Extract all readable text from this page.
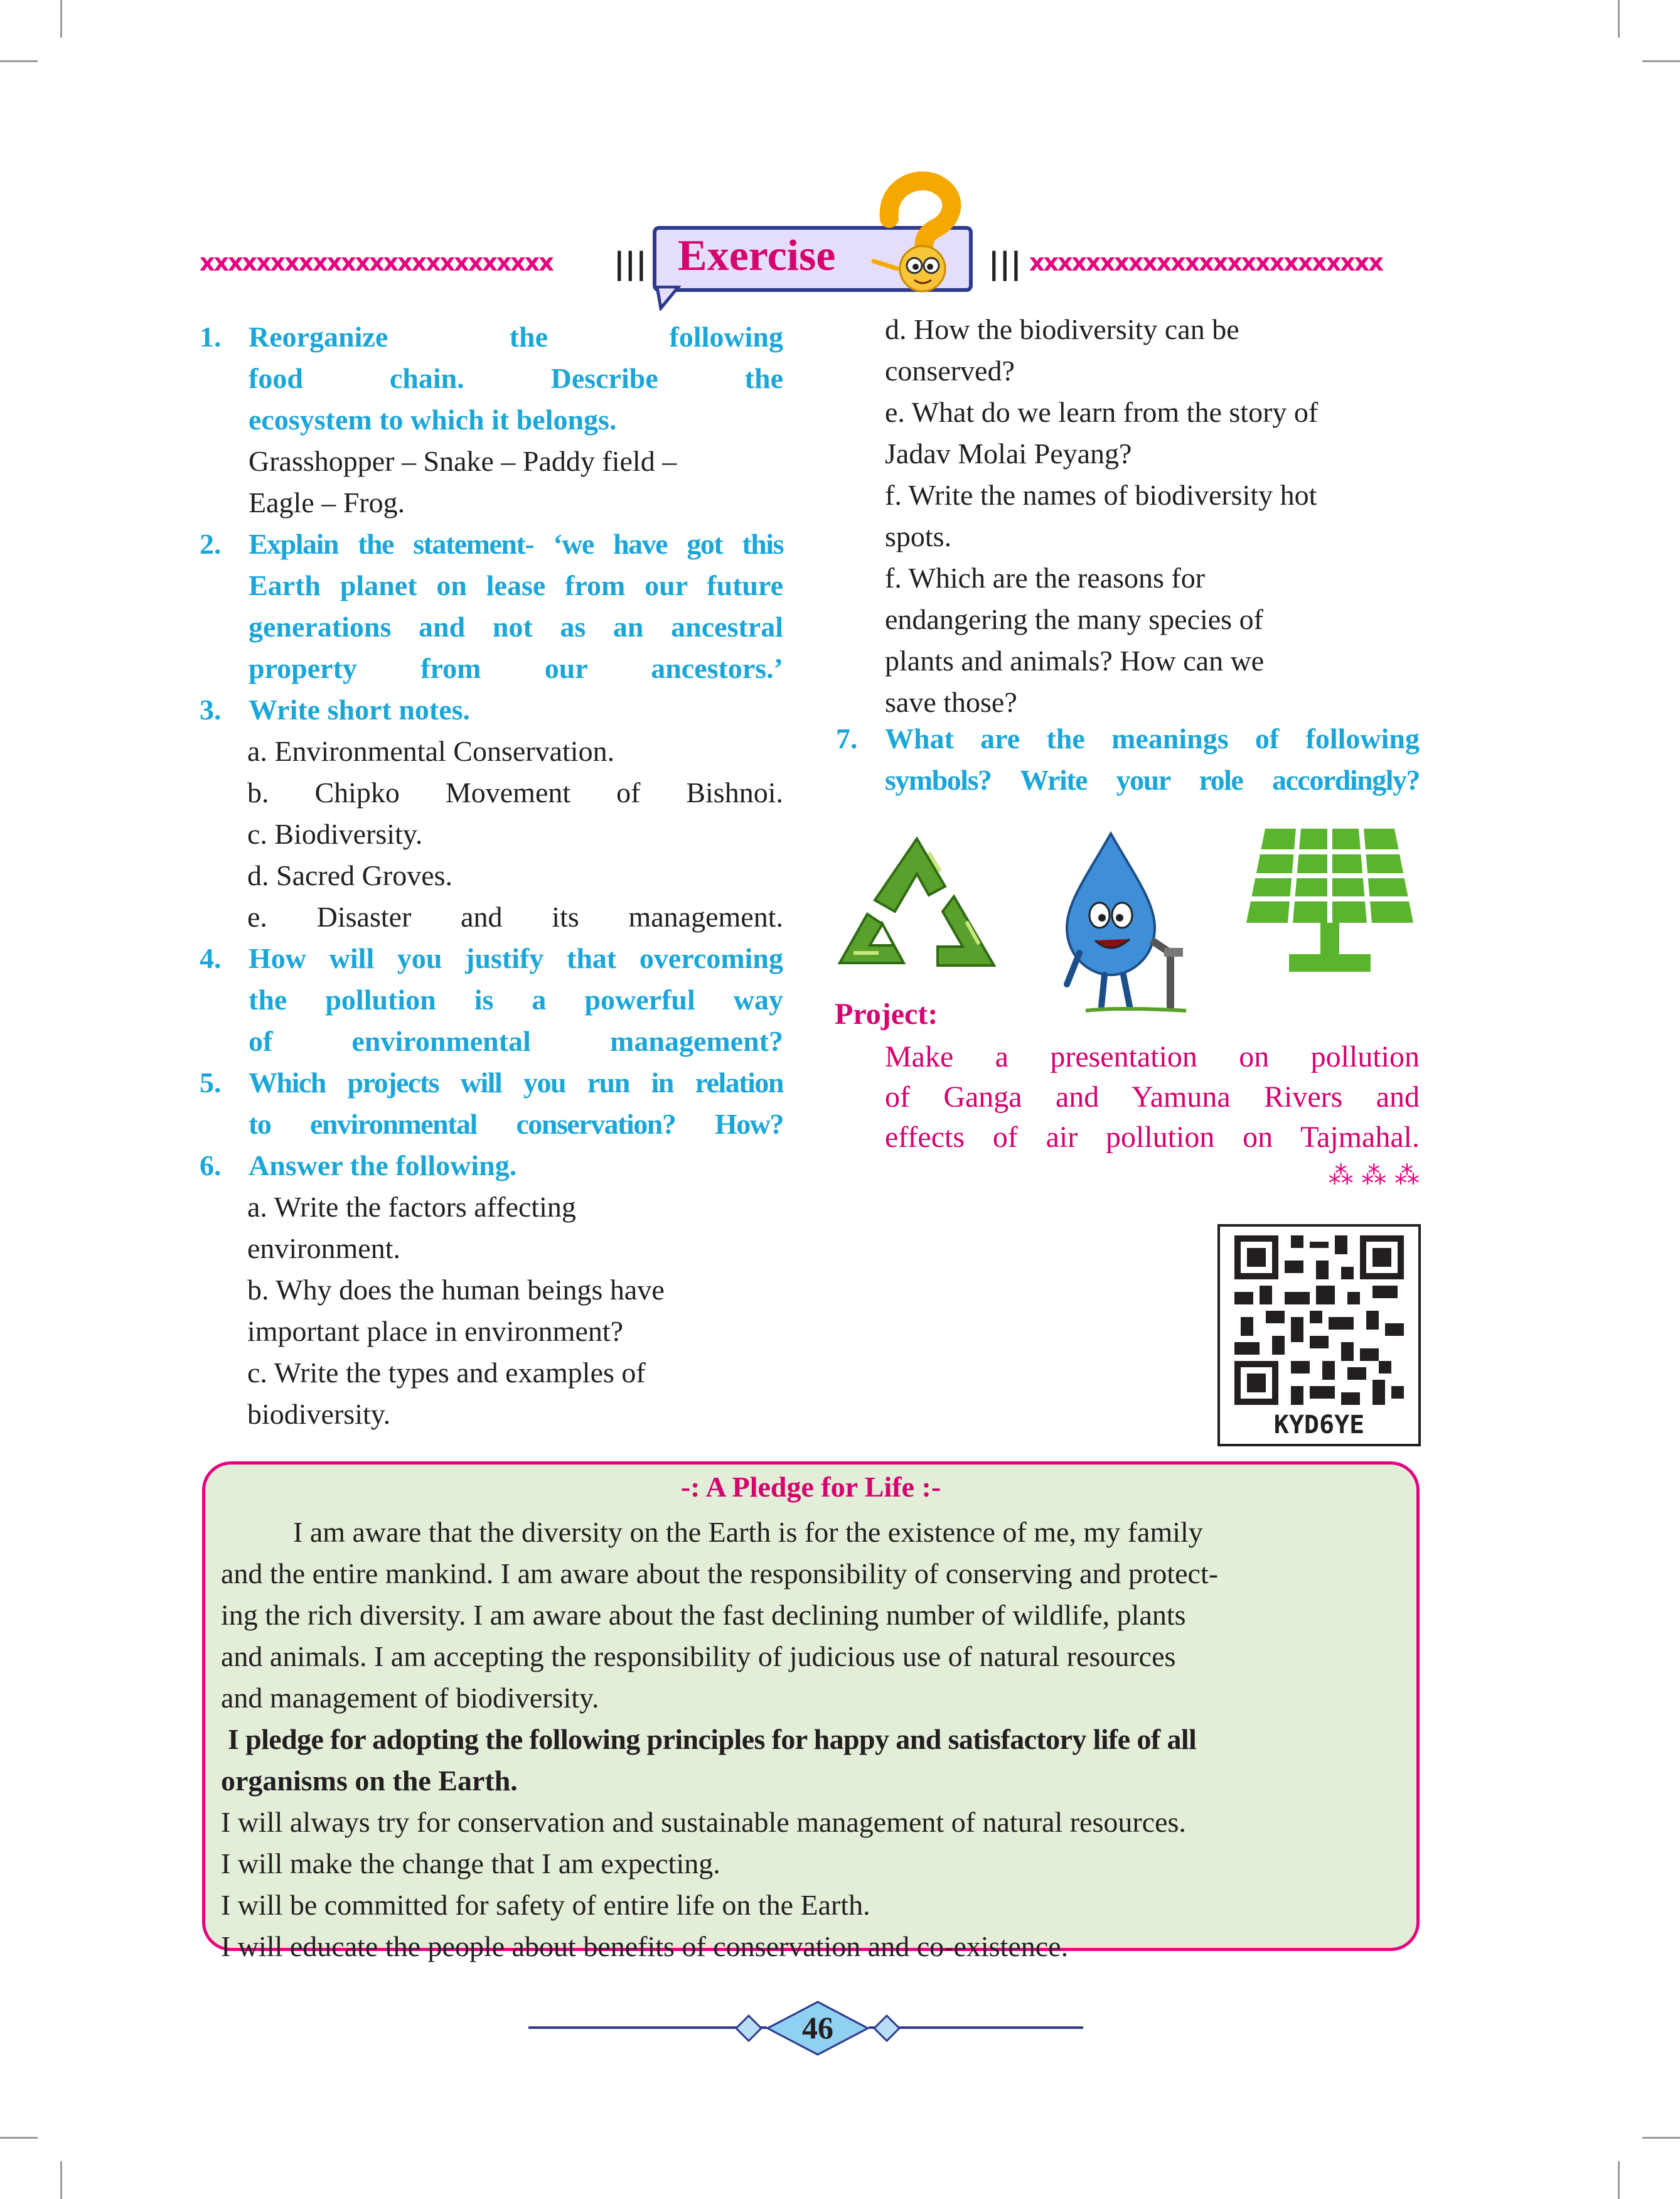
xxxxxxxxxxxxxxxxxxxxxxxxx	||| Exercise	||| xxxxxxxxxxxxxxxxxxxxxxxxx
1. Reorganize the following
food chain. Describe the
ecosystem to which it belongs.
Grasshopper – Snake – Paddy field –
Eagle – Frog.
2. Explain the statement- ‘we have got this
Earth planet on lease from our future
generations and not as an ancestral
property from our ancestors.’
3. Write short notes.
a. Environmental Conservation.
b. Chipko Movement of Bishnoi.
c. Biodiversity.
d. Sacred Groves.
e. Disaster and its management.
4. How will you justify that overcoming
the pollution is a powerful way
of environmental management?
5. Which projects will you run in relation
to environmental conservation? How?
6. Answer the following.
a. Write the factors affecting
environment.
b. Why does the human beings have
important place in environment?
c. Write the types and examples of
biodiversity.
d. How the biodiversity can be
conserved?
e. What do we learn from the story of
Jadav Molai Peyang?
f. Write the names of biodiversity hot
spots.
f. Which are the reasons for
endangering the many species of
plants and animals? How can we
save those?
7. What are the meanings of following
symbols? Write your role accordingly?
Project:
Make a presentation on pollution
of Ganga and Yamuna Rivers and
effects of air pollution on Tajmahal.
⁂ ⁂ ⁂
KYD6YE
-: A Pledge for Life :-
I am aware that the diversity on the Earth is for the existence of me, my family
and the entire mankind. I am aware about the responsibility of conserving and protect-
ing the rich diversity. I am aware about the fast declining number of wildlife, plants
and animals. I am accepting the responsibility of judicious use of natural resources
and management of biodiversity.
I pledge for adopting the following principles for happy and satisfactory life of all
organisms on the Earth.
I will always try for conservation and sustainable management of natural resources.
I will make the change that I am expecting.
I will be committed for safety of entire life on the Earth.
I will educate the people about benefits of conservation and co-existence.
46
